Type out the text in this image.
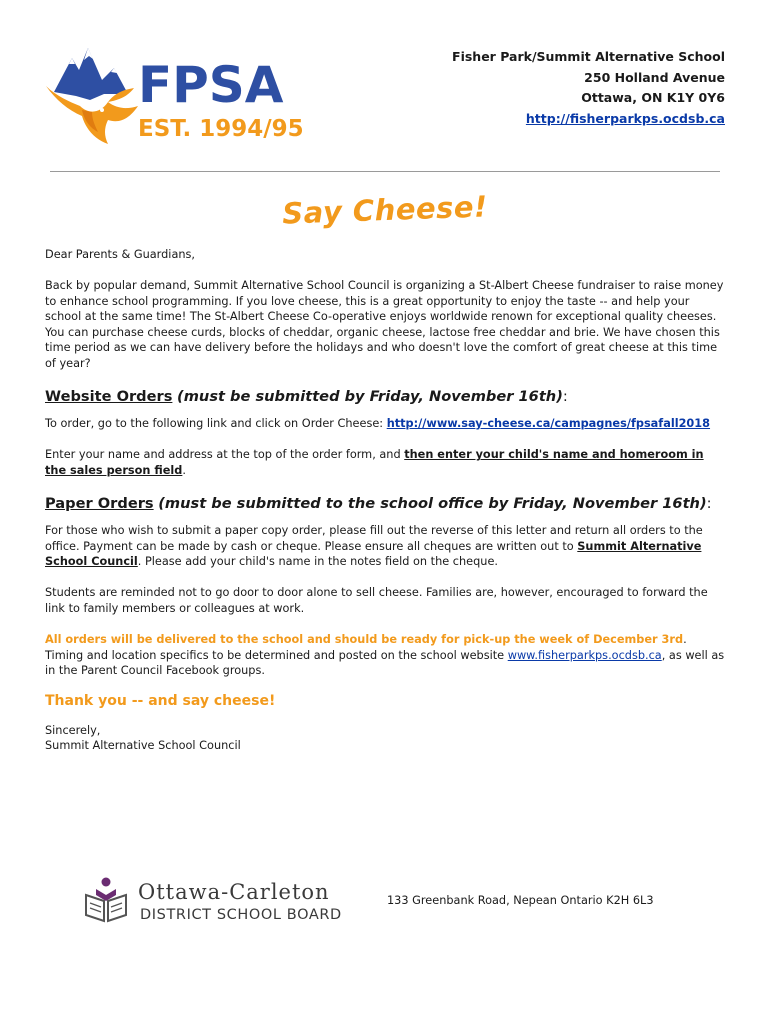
FPSA
EST. 1994/95
Fisher Park/Summit Alternative School
250 Holland Avenue
Ottawa, ON K1Y 0Y6
http://fisherparkps.ocdsb.ca
Say Cheese!

Dear Parents & Guardians,

Back by popular demand, Summit Alternative School Council is organizing a St-Albert Cheese fundraiser to raise money to enhance school programming. If you love cheese, this is a great opportunity to enjoy the taste -- and help your school at the same time! The St-Albert Cheese Co-operative enjoys worldwide renown for exceptional quality cheeses. You can purchase cheese curds, blocks of cheddar, organic cheese, lactose free cheddar and brie. We have chosen this time period as we can have delivery before the holidays and who doesn't love the comfort of great cheese at this time of year?

Website Orders (must be submitted by Friday, November 16th):

To order, go to the following link and click on Order Cheese: http://www.say-cheese.ca/campagnes/fpsafall2018

Enter your name and address at the top of the order form, and then enter your child's name and homeroom in the sales person field.

Paper Orders (must be submitted to the school office by Friday, November 16th):

For those who wish to submit a paper copy order, please fill out the reverse of this letter and return all orders to the office. Payment can be made by cash or cheque. Please ensure all cheques are written out to Summit Alternative School Council. Please add your child's name in the notes field on the cheque.

Students are reminded not to go door to door alone to sell cheese. Families are, however, encouraged to forward the link to family members or colleagues at work.

All orders will be delivered to the school and should be ready for pick-up the week of December 3rd. Timing and location specifics to be determined and posted on the school website www.fisherparkps.ocdsb.ca, as well as in the Parent Council Facebook groups.

Thank you -- and say cheese!

Sincerely,
Summit Alternative School Council
Ottawa-Carleton
DISTRICT SCHOOL BOARD
133 Greenbank Road, Nepean Ontario K2H 6L3
